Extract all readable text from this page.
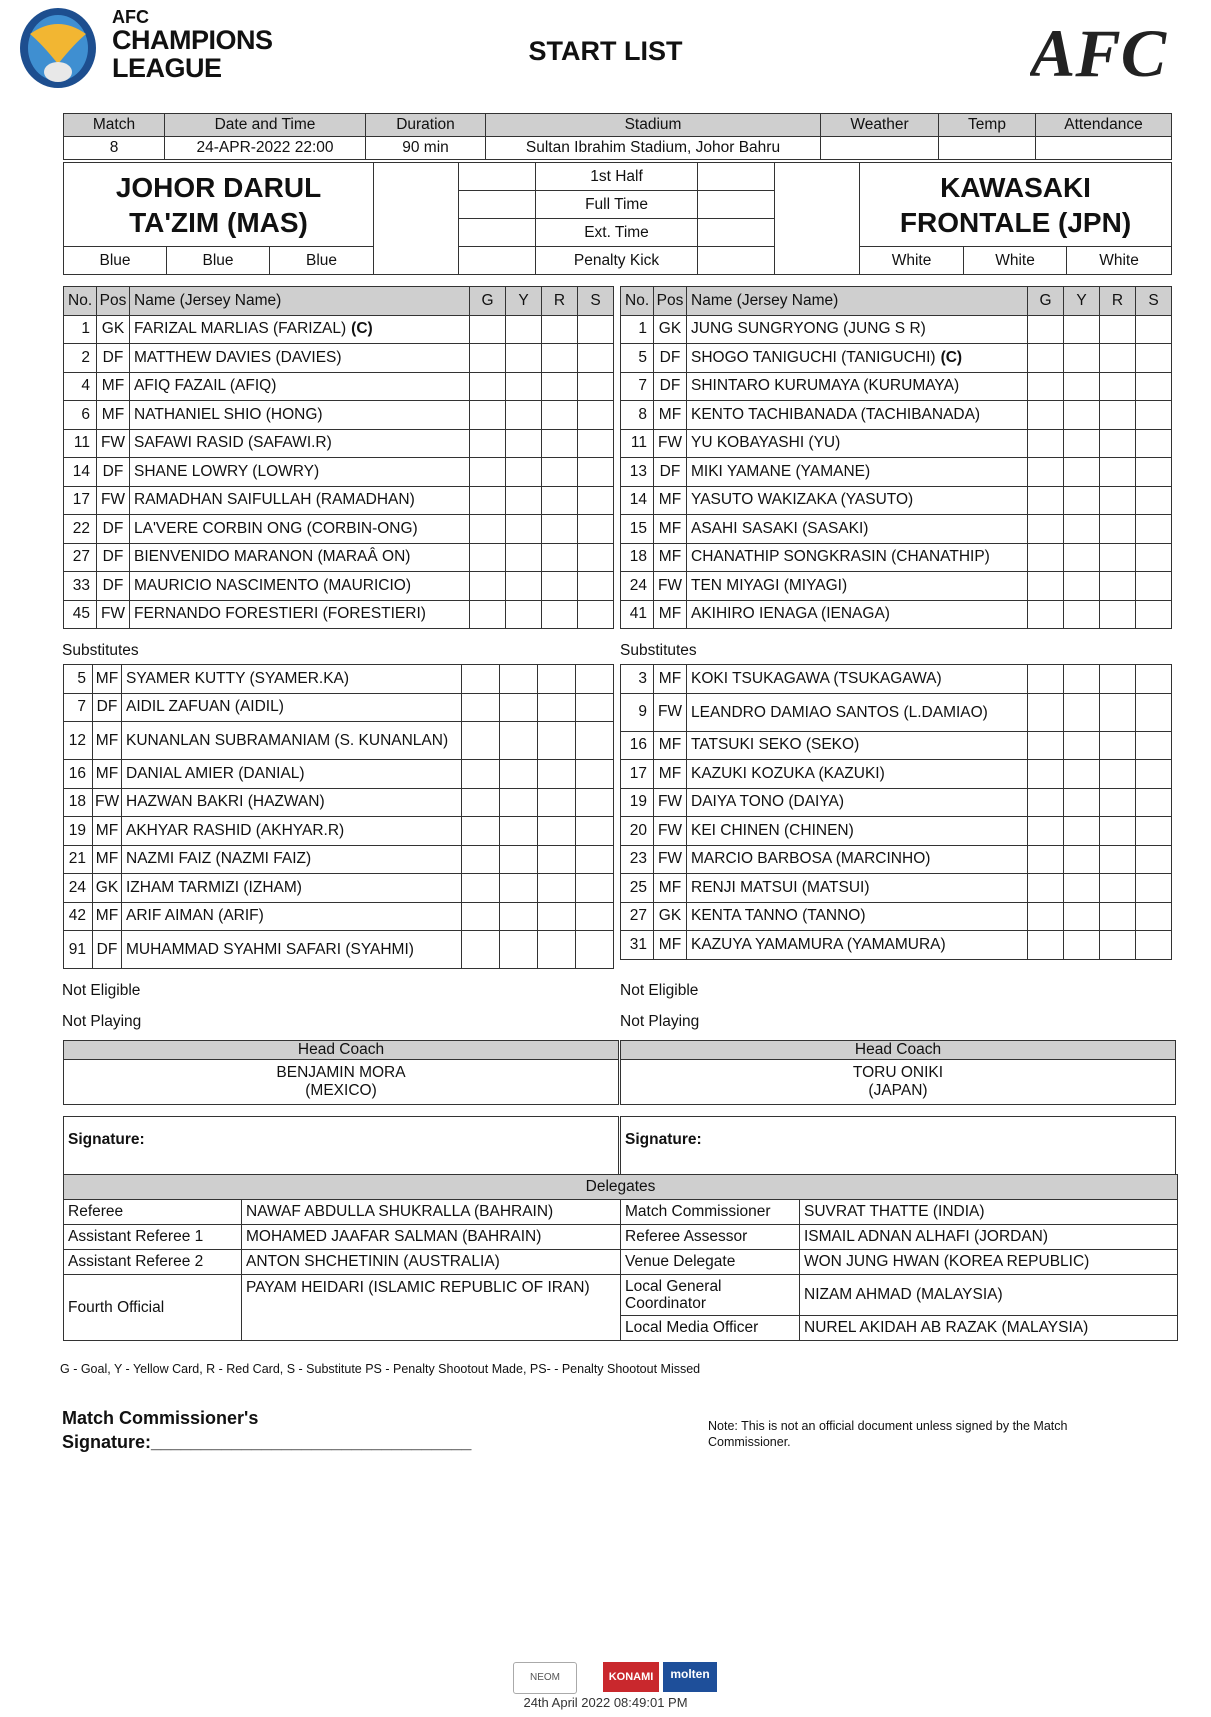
AFC
CHAMPIONS
LEAGUE
START LIST	AFC
Match	Date and Time	Duration	Stadium	Weather	Temp	Attendance
8	24-APR-2022 22:00	90 min	Sultan Ibrahim Stadium, Johor Bahru			
JOHOR DARUL TA'ZIM (MAS)					1st Half			KAWASAKI FRONTALE (JPN)		
					Full Time					
					Ext. Time					
Blue	Blue	Blue			Penalty Kick			White	White	White
No.	Pos	Name (Jersey Name)	G	Y	R	S
1	GK	FARIZAL MARLIAS (FARIZAL) (C)				
2	DF	MATTHEW DAVIES (DAVIES)				
4	MF	AFIQ FAZAIL (AFIQ)				
6	MF	NATHANIEL SHIO (HONG)				
11	FW	SAFAWI RASID (SAFAWI.R)				
14	DF	SHANE LOWRY (LOWRY)				
17	FW	RAMADHAN SAIFULLAH (RAMADHAN)				
22	DF	LA'VERE CORBIN ONG (CORBIN-ONG)				
27	DF	BIENVENIDO MARANON (MARAÂ ON)				
33	DF	MAURICIO NASCIMENTO (MAURICIO)				
45	FW	FERNANDO FORESTIERI (FORESTIERI)				
No.	Pos	Name (Jersey Name)	G	Y	R	S
1	GK	JUNG SUNGRYONG (JUNG S R)				
5	DF	SHOGO TANIGUCHI (TANIGUCHI) (C)				
7	DF	SHINTARO KURUMAYA (KURUMAYA)				
8	MF	KENTO TACHIBANADA (TACHIBANADA)				
11	FW	YU KOBAYASHI (YU)				
13	DF	MIKI YAMANE (YAMANE)				
14	MF	YASUTO WAKIZAKA (YASUTO)				
15	MF	ASAHI SASAKI (SASAKI)				
18	MF	CHANATHIP SONGKRASIN (CHANATHIP)				
24	FW	TEN MIYAGI (MIYAGI)				
41	MF	AKIHIRO IENAGA (IENAGA)				
Substitutes	Substitutes
5	MF	SYAMER KUTTY (SYAMER.KA)				
7	DF	AIDIL ZAFUAN (AIDIL)				
12	MF	KUNANLAN SUBRAMANIAM (S. KUNANLAN)				
16	MF	DANIAL AMIER (DANIAL)				
18	FW	HAZWAN BAKRI (HAZWAN)				
19	MF	AKHYAR RASHID (AKHYAR.R)				
21	MF	NAZMI FAIZ (NAZMI FAIZ)				
24	GK	IZHAM TARMIZI (IZHAM)				
42	MF	ARIF AIMAN (ARIF)				
91	DF	MUHAMMAD SYAHMI SAFARI (SYAHMI)				
3	MF	KOKI TSUKAGAWA (TSUKAGAWA)				
9	FW	LEANDRO DAMIAO SANTOS (L.DAMIAO)				
16	MF	TATSUKI SEKO (SEKO)				
17	MF	KAZUKI KOZUKA (KAZUKI)				
19	FW	DAIYA TONO (DAIYA)				
20	FW	KEI CHINEN (CHINEN)				
23	FW	MARCIO BARBOSA (MARCINHO)				
25	MF	RENJI MATSUI (MATSUI)				
27	GK	KENTA TANNO (TANNO)				
31	MF	KAZUYA YAMAMURA (YAMAMURA)				
Not Eligible	Not Eligible
Not Playing	Not Playing
Head Coach

BENJAMIN MORA
(MEXICO)
Head Coach

TORU ONIKI
(JAPAN)
Signature:	Signature:
Delegates			
Referee	NAWAF ABDULLA SHUKRALLA (BAHRAIN)	Match Commissioner	SUVRAT THATTE (INDIA)
Assistant Referee 1	MOHAMED JAAFAR SALMAN (BAHRAIN)	Referee Assessor	ISMAIL ADNAN ALHAFI (JORDAN)
Assistant Referee 2	ANTON SHCHETININ (AUSTRALIA)	Venue Delegate	WON JUNG HWAN (KOREA REPUBLIC)
Fourth Official	PAYAM HEIDARI (ISLAMIC REPUBLIC OF IRAN)	Local General Coordinator	NIZAM AHMAD (MALAYSIA)
		Local Media Officer	NUREL AKIDAH AB RAZAK (MALAYSIA)
G - Goal, Y - Yellow Card, R - Red Card, S - Substitute PS - Penalty Shootout Made, PS- - Penalty Shootout Missed
Match Commissioner's
Signature:________________________________
Note: This is not an official document unless signed by the Match Commissioner.
NEOM	KONAMI	molten
24th April 2022 08:49:01 PM
